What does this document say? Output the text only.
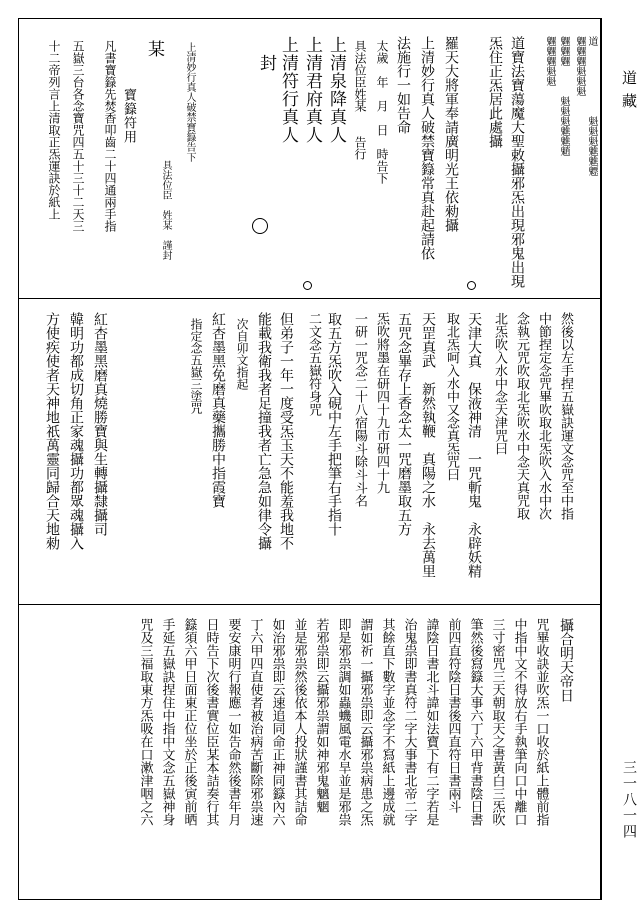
道藏
三一八一四
道　　　　　　　魁魁魁魋魋魒
魓魓魓魁魁魁
魓魓魓　　　魁魁魁魋魋魈
魓魓魓魁魁
道寶法寶蕩魔大聖敕攝邪炁出現邪鬼出現
炁住正炁居此處攝
羅天大將軍奉請廣明光王依勑攝
上清妙行真人破禁寶籙常真赴起請依
法施行一如告命
太歲　年　月　日　時告下
具法位臣姓某　　告行
上清泉降真人
上清君府真人
上清符行真人
　封　　　
上清妙行真人破禁寶籙告下
　　具法位臣　姓某　謹封
某
凡書寶籙先焚香叩齒二十四通兩手指
五嶽三台各念寶咒四五十三十二天三
十二帝列言上清取正炁運訣於紙上	寶籙符用
然後以左手捏五嶽訣運文念咒至中指
中節捏定念咒畢吹取北炁吹入水中次
念執元咒吹取北炁吹水中念天真咒取
北炁吹入水中念天津咒曰
天津大真　保液神清　一咒斬鬼　永辟妖精
取北炁呵入水中又念真炁咒曰
天罡真武　新然執鞭　真陽之水　永去萬里
五咒念畢存上香念太一咒磨墨取五方
炁吹將墨在研四十九市研四十九
一研一咒念二十八宿陽斗除斗斗名
取五方炁吹入硯中左手把筆右手指十
二文念五嶽符身咒
但弟子一年一度受炁玉天不能羞我地不
能載我衛我者足撞我者亡急急如律令攝
次自卯文指起
紅杏墨黑免磨真藥攜勝中指霞寶
指定念五嶽三塗咒
紅杏墨黑磨真燒勝寶與生轉攝隸攝司
韓明功都成切角正家魂攝功都眾魂攝入
方使疾使者天神地祇萬靈同歸合天地勑
攝合明天帝日
咒畢收訣並吹炁一口收於紙上體前指
中指中文不得放右手執筆向口中離口
三寸密咒三天朝取天之書黃白三炁吹
筆然後寫籙大事六丁六甲背書陰日書
前四直符陰日書後四直符日書兩斗
諱陰日書北斗諱如法寶下有二字若是
治鬼祟即書真符二字大事書北帝二字
其餘直下數字並念字不寫紙上邊成就
謂如祈一攝邪祟即云攝邪祟病患之炁
即是邪祟調如蟲蟣風電水旱並是邪祟
若邪祟即云攝邪祟謂如神邪鬼魑魍
並是邪祟然後依本人投狀謹書其詰命
如治邪祟即云速追同命正神同籙內六
丁六甲四直使者被治病苦斷除邪祟速
要安康明行報應一如告命然後書年月
日時告下次後書實位臣某本詰奏行其
籙須六甲日面東正位坐於正後寅前晒
手延五嶽訣捏住中指中文念五嶽神身
咒及三福取東方炁吸在口漱津咽之六
